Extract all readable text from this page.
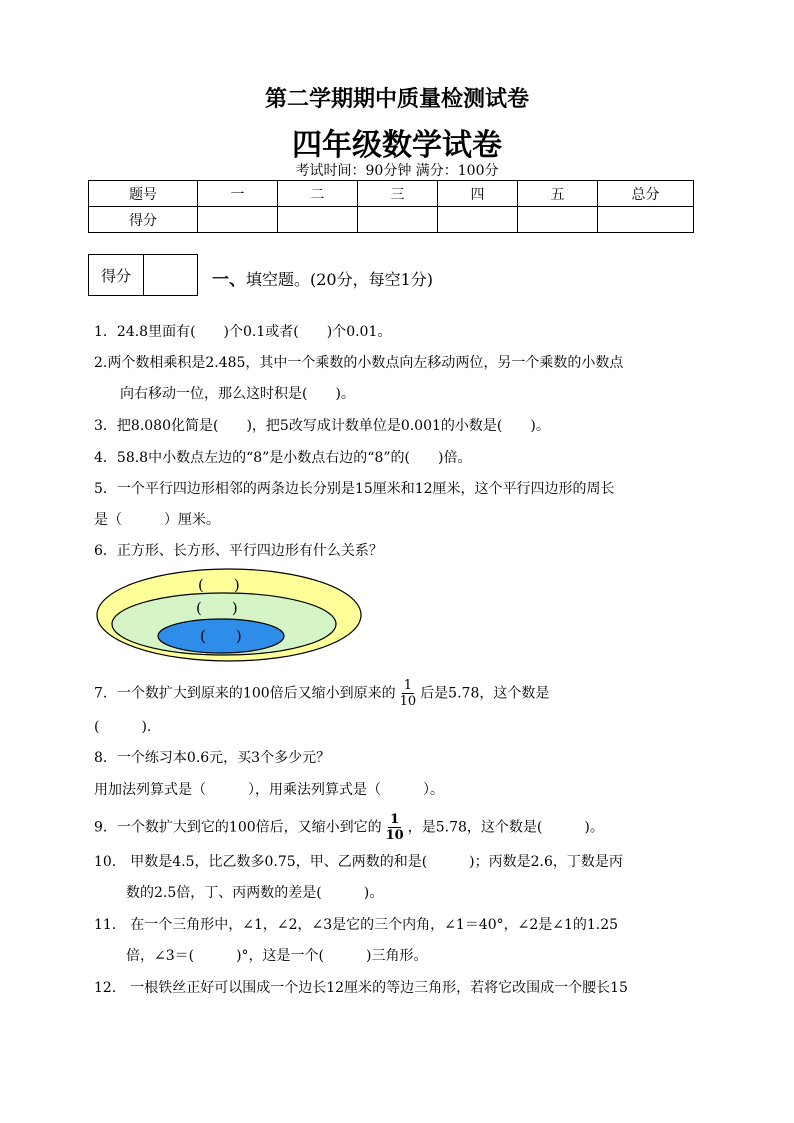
第二学期期中质量检测试卷
四年级数学试卷
考试时间：90分钟 满分：100分
题号	一	二	三	四	五	总分
得分						
得分	一、填空题。(20分，每空1分)
1．24.8里面有(　　)个0.1或者(　　)个0.01。
2.两个数相乘积是2.485，其中一个乘数的小数点向左移动两位，另一个乘数的小数点
向右移动一位，那么这时积是(　　)。
3．把8.080化简是(　　)，把5改写成计数单位是0.001的小数是(　　)。
4．58.8中小数点左边的“8”是小数点右边的“8”的(　　)倍。
5．一个平行四边形相邻的两条边长分别是15厘米和12厘米，这个平行四边形的周长
是（　　　）厘米。
6．正方形、长方形、平行四边形有什么关系？
(　　)
(　　)
(　　)
7．一个数扩大到原来的100倍后又缩小到原来的 $\frac{1}{10}$ 后是5.78，这个数是
(　　　).
8．一个练习本0.6元，买3个多少元？
用加法列算式是（　　　），用乘法列算式是（　　　）。
9．一个数扩大到它的100倍后，又缩小到它的 $\frac{1}{10}$ ，是5.78，这个数是(　　　)。
10． 甲数是4.5，比乙数多0.75，甲、乙两数的和是(　　　)；丙数是2.6，丁数是丙
数的2.5倍，丁、丙两数的差是(　　　)。
11． 在一个三角形中，∠1，∠2，∠3是它的三个内角，∠1＝40°，∠2是∠1的1.25
倍，∠3＝(　　　)°，这是一个(　　　)三角形。
12． 一根铁丝正好可以围成一个边长12厘米的等边三角形，若将它改围成一个腰长15
